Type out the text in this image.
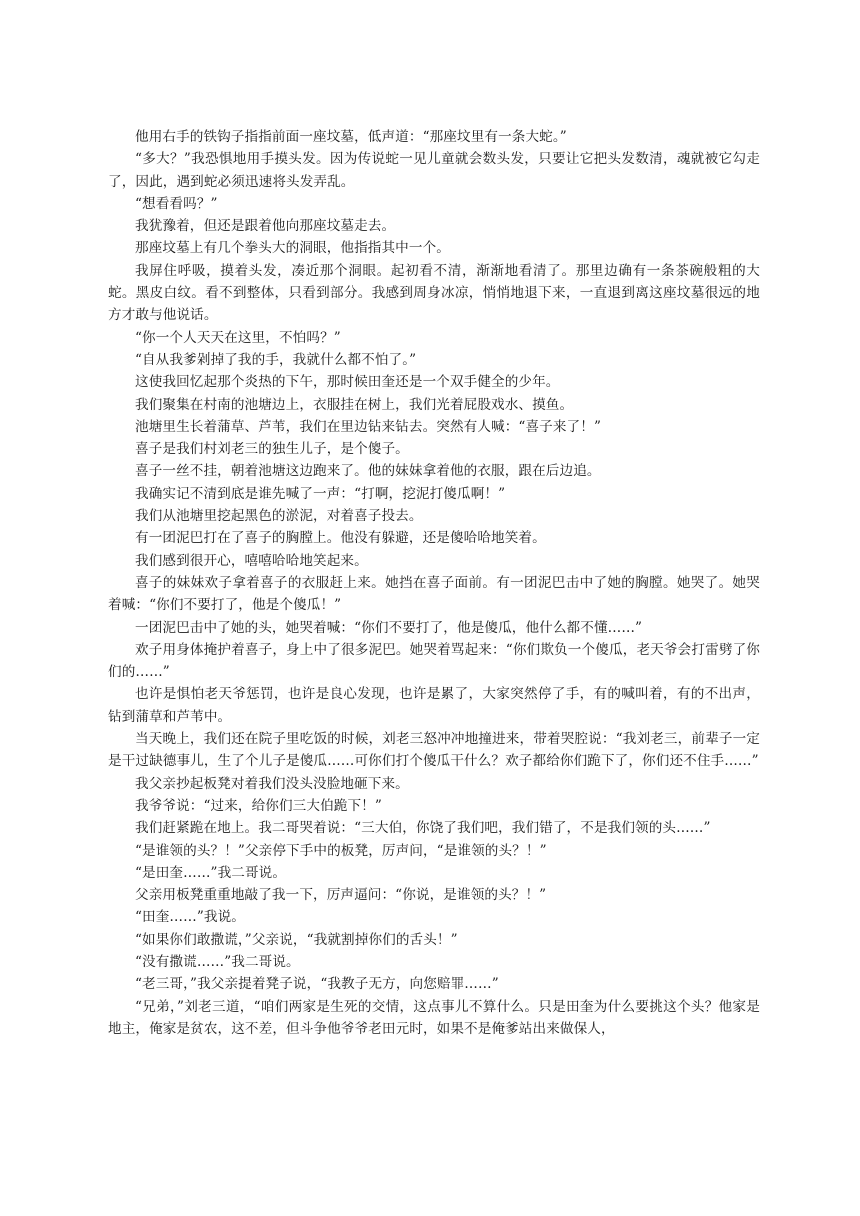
他用右手的铁钩子指指前面一座坟墓，低声道：“那座坟里有一条大蛇。”

“多大？”我恐惧地用手摸头发。因为传说蛇一见儿童就会数头发，只要让它把头发数清，魂就被它勾走了，因此，遇到蛇必须迅速将头发弄乱。

“想看看吗？”

我犹豫着，但还是跟着他向那座坟墓走去。

那座坟墓上有几个拳头大的洞眼，他指指其中一个。

我屏住呼吸，摸着头发，凑近那个洞眼。起初看不清，渐渐地看清了。那里边确有一条茶碗般粗的大蛇。黑皮白纹。看不到整体，只看到部分。我感到周身冰凉，悄悄地退下来，一直退到离这座坟墓很远的地方才敢与他说话。

“你一个人天天在这里，不怕吗？”

“自从我爹剁掉了我的手，我就什么都不怕了。”

这使我回忆起那个炎热的下午，那时候田奎还是一个双手健全的少年。

我们聚集在村南的池塘边上，衣服挂在树上，我们光着屁股戏水、摸鱼。

池塘里生长着蒲草、芦苇，我们在里边钻来钻去。突然有人喊：“喜子来了！”

喜子是我们村刘老三的独生儿子，是个傻子。

喜子一丝不挂，朝着池塘这边跑来了。他的妹妹拿着他的衣服，跟在后边追。

我确实记不清到底是谁先喊了一声：“打啊，挖泥打傻瓜啊！”

我们从池塘里挖起黑色的淤泥，对着喜子投去。

有一团泥巴打在了喜子的胸膛上。他没有躲避，还是傻哈哈地笑着。

我们感到很开心，嘻嘻哈哈地笑起来。

喜子的妹妹欢子拿着喜子的衣服赶上来。她挡在喜子面前。有一团泥巴击中了她的胸膛。她哭了。她哭着喊：“你们不要打了，他是个傻瓜！”

一团泥巴击中了她的头，她哭着喊：“你们不要打了，他是傻瓜，他什么都不懂……”

欢子用身体掩护着喜子，身上中了很多泥巴。她哭着骂起来：“你们欺负一个傻瓜，老天爷会打雷劈了你们的……”

也许是惧怕老天爷惩罚，也许是良心发现，也许是累了，大家突然停了手，有的喊叫着，有的不出声，钻到蒲草和芦苇中。

当天晚上，我们还在院子里吃饭的时候，刘老三怒冲冲地撞进来，带着哭腔说：“我刘老三，前辈子一定是干过缺德事儿，生了个儿子是傻瓜……可你们打个傻瓜干什么？欢子都给你们跪下了，你们还不住手……”

我父亲抄起板凳对着我们没头没脸地砸下来。

我爷爷说：“过来，给你们三大伯跪下！”

我们赶紧跪在地上。我二哥哭着说：“三大伯，你饶了我们吧，我们错了，不是我们领的头……”

“是谁领的头？！”父亲停下手中的板凳，厉声问，“是谁领的头？！”

“是田奎……”我二哥说。

父亲用板凳重重地敲了我一下，厉声逼问：“你说，是谁领的头？！”

“田奎……”我说。

“如果你们敢撒谎，”父亲说，“我就割掉你们的舌头！”

“没有撒谎……”我二哥说。

“老三哥，”我父亲提着凳子说，“我教子无方，向您赔罪……”

“兄弟，”刘老三道，“咱们两家是生死的交情，这点事儿不算什么。只是田奎为什么要挑这个头？他家是地主，俺家是贫农，这不差，但斗争他爷爷老田元时，如果不是俺爹站出来做保人，
